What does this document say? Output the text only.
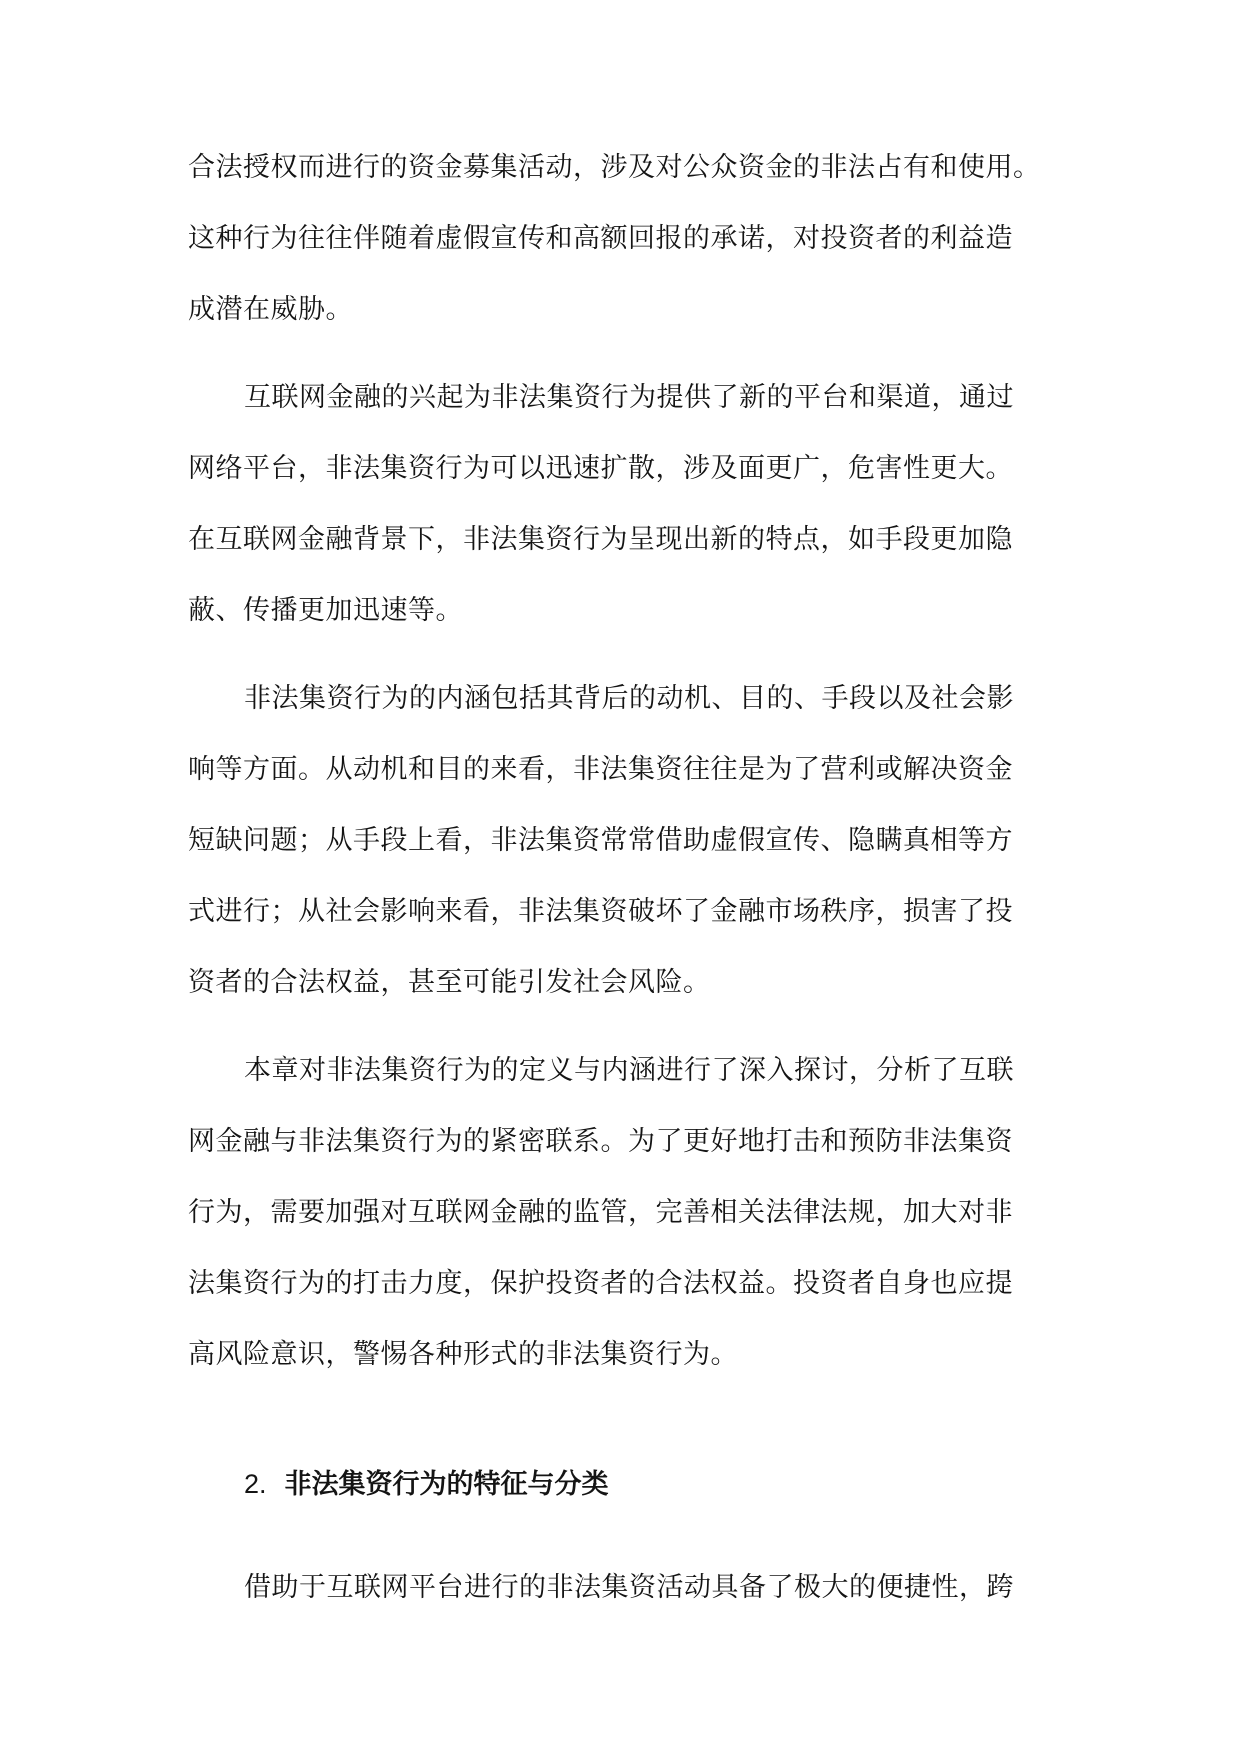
合法授权而进行的资金募集活动，涉及对公众资金的非法占有和使用。
这种行为往往伴随着虚假宣传和高额回报的承诺，对投资者的利益造
成潜在威胁。
互联网金融的兴起为非法集资行为提供了新的平台和渠道，通过
网络平台，非法集资行为可以迅速扩散，涉及面更广，危害性更大。
在互联网金融背景下，非法集资行为呈现出新的特点，如手段更加隐
蔽、传播更加迅速等。
非法集资行为的内涵包括其背后的动机、目的、手段以及社会影
响等方面。从动机和目的来看，非法集资往往是为了营利或解决资金
短缺问题；从手段上看，非法集资常常借助虚假宣传、隐瞒真相等方
式进行；从社会影响来看，非法集资破坏了金融市场秩序，损害了投
资者的合法权益，甚至可能引发社会风险。
本章对非法集资行为的定义与内涵进行了深入探讨，分析了互联
网金融与非法集资行为的紧密联系。为了更好地打击和预防非法集资
行为，需要加强对互联网金融的监管，完善相关法律法规，加大对非
法集资行为的打击力度，保护投资者的合法权益。投资者自身也应提
高风险意识，警惕各种形式的非法集资行为。
2. 非法集资行为的特征与分类
借助于互联网平台进行的非法集资活动具备了极大的便捷性，跨
